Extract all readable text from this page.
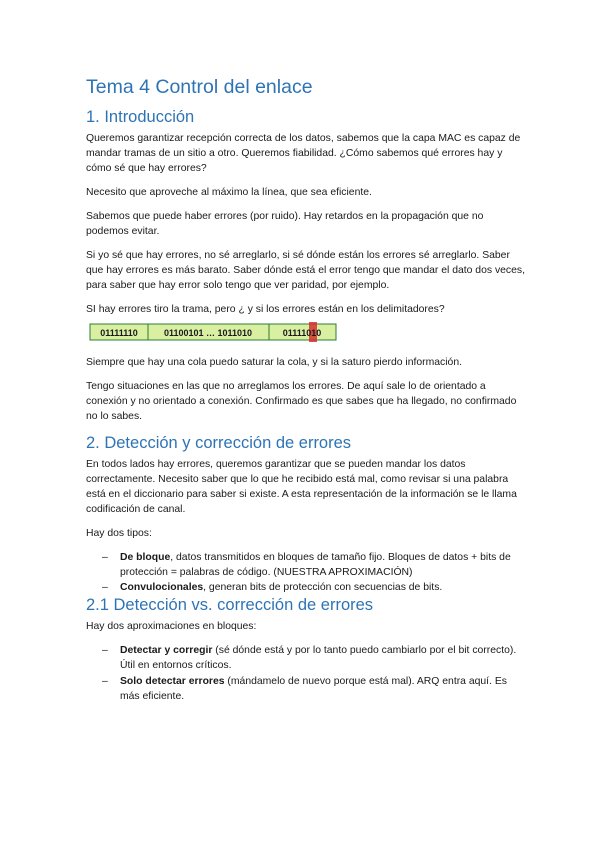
Tema 4 Control del enlace
1. Introducción

Queremos garantizar recepción correcta de los datos, sabemos que la capa MAC es capaz de mandar tramas de un sitio a otro. Queremos fiabilidad. ¿Cómo sabemos qué errores hay y cómo sé que hay errores?

Necesito que aproveche al máximo la línea, que sea eficiente.

Sabemos que puede haber errores (por ruido). Hay retardos en la propagación que no podemos evitar.

Si yo sé que hay errores, no sé arreglarlo, si sé dónde están los errores sé arreglarlo. Saber que hay errores es más barato. Saber dónde está el error tengo que mandar el dato dos veces, para saber que hay error solo tengo que ver paridad, por ejemplo.

SI hay errores tiro la trama, pero ¿ y si los errores están en los delimitadores?

01111110	01100101 … 1011010	01111010

Siempre que hay una cola puedo saturar la cola, y si la saturo pierdo información.

Tengo situaciones en las que no arreglamos los errores. De aquí sale lo de orientado a conexión y no orientado a conexión. Confirmado es que sabes que ha llegado, no confirmado no lo sabes.

2. Detección y corrección de errores

En todos lados hay errores, queremos garantizar que se pueden mandar los datos correctamente. Necesito saber que lo que he recibido está mal, como revisar si una palabra está en el diccionario para saber si existe. A esta representación de la información se le llama codificación de canal.

Hay dos tipos:

– De bloque, datos transmitidos en bloques de tamaño fijo. Bloques de datos + bits de protección = palabras de código. (NUESTRA APROXIMACIÓN)
– Convulocionales, generan bits de protección con secuencias de bits.
2.1 Detección vs. corrección de errores

Hay dos aproximaciones en bloques:

– Detectar y corregir (sé dónde está y por lo tanto puedo cambiarlo por el bit correcto). Útil en entornos críticos.
– Solo detectar errores (mándamelo de nuevo porque está mal). ARQ entra aquí. Es más eficiente.
